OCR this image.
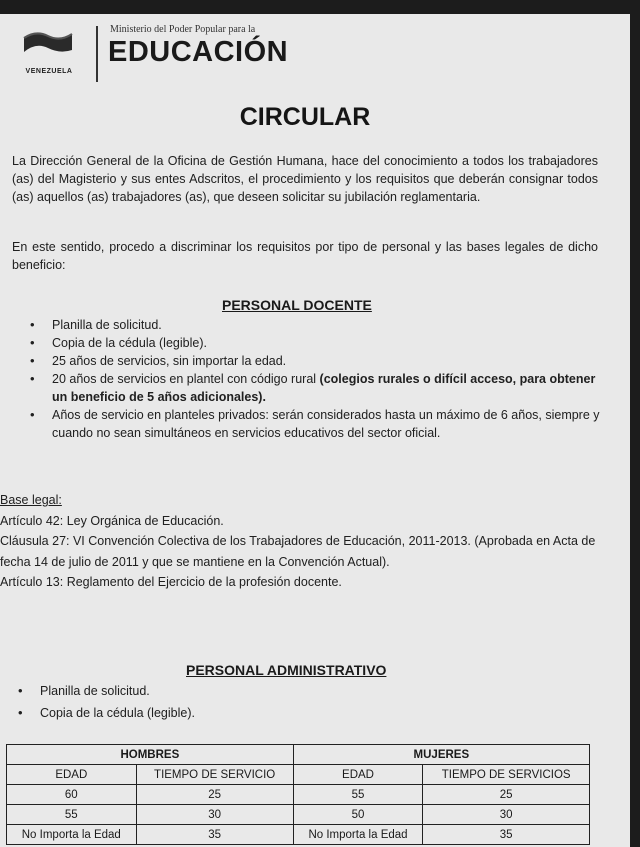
VENEZUELA
Ministerio del Poder Popular para la
EDUCACIÓN
CIRCULAR
La Dirección General de la Oficina de Gestión Humana, hace del conocimiento a todos los trabajadores (as) del Magisterio y sus entes Adscritos, el procedimiento y los requisitos que deberán consignar todos (as) aquellos (as) trabajadores (as), que deseen solicitar su jubilación reglamentaria.
En este sentido, procedo a discriminar los requisitos por tipo de personal y las bases legales de dicho beneficio:
PERSONAL DOCENTE
• Planilla de solicitud.
• Copia de la cédula (legible).
• 25 años de servicios, sin importar la edad.
• 20 años de servicios en plantel con código rural (colegios rurales o difícil acceso, para obtener un beneficio de 5 años adicionales).
• Años de servicio en planteles privados: serán considerados hasta un máximo de 6 años, siempre y cuando no sean simultáneos en servicios educativos del sector oficial.
Base legal:
Artículo 42: Ley Orgánica de Educación.
Cláusula 27: VI Convención Colectiva de los Trabajadores de Educación, 2011-2013. (Aprobada en Acta de fecha 14 de julio de 2011 y que se mantiene en la Convención Actual).
Artículo 13: Reglamento del Ejercicio de la profesión docente.
PERSONAL ADMINISTRATIVO
• Planilla de solicitud.
• Copia de la cédula (legible).
HOMBRES		MUJERES	
EDAD	TIEMPO DE SERVICIO	EDAD	TIEMPO DE SERVICIOS
60	25	55	25
55	30	50	30
No Importa la Edad	35	No Importa la Edad	35
